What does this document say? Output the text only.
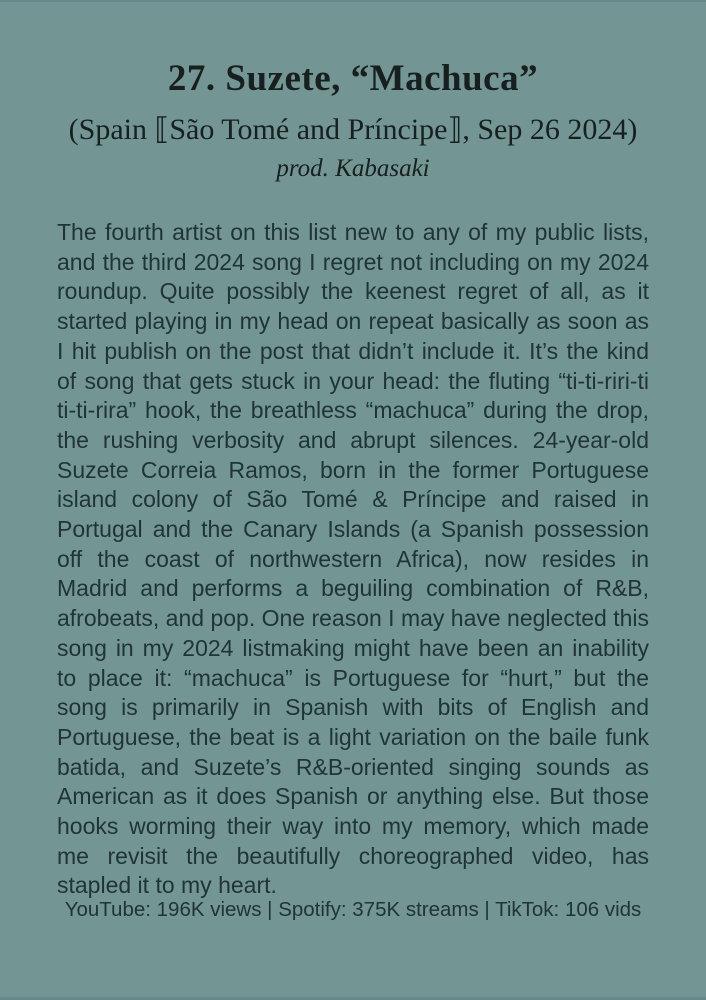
27. Suzete, “Machuca”
(Spain ⟦São Tomé and Príncipe⟧, Sep 26 2024)
prod. Kabasaki

The fourth artist on this list new to any of my public lists, and the third 2024 song I regret not including on my 2024 roundup. Quite possibly the keenest regret of all, as it started playing in my head on repeat basically as soon as I hit publish on the post that didn’t include it. It’s the kind of song that gets stuck in your head: the fluting “ti-ti-riri-ti ti-ti-rira” hook, the breathless “machuca” during the drop, the rushing verbosity and abrupt silences. 24-year-old Suzete Correia Ramos, born in the former Portuguese island colony of São Tomé & Príncipe and raised in Portugal and the Canary Islands (a Spanish possession off the coast of northwestern Africa), now resides in Madrid and performs a beguiling combination of R&B, afrobeats, and pop. One reason I may have neglected this song in my 2024 listmaking might have been an inability to place it: “machuca” is Portuguese for “hurt,” but the song is primarily in Spanish with bits of English and Portuguese, the beat is a light variation on the baile funk batida, and Suzete’s R&B-oriented singing sounds as American as it does Spanish or anything else. But those hooks worming their way into my memory, which made me revisit the beautifully choreographed video, has stapled it to my heart.

YouTube: 196K views | Spotify: 375K streams | TikTok: 106 vids
